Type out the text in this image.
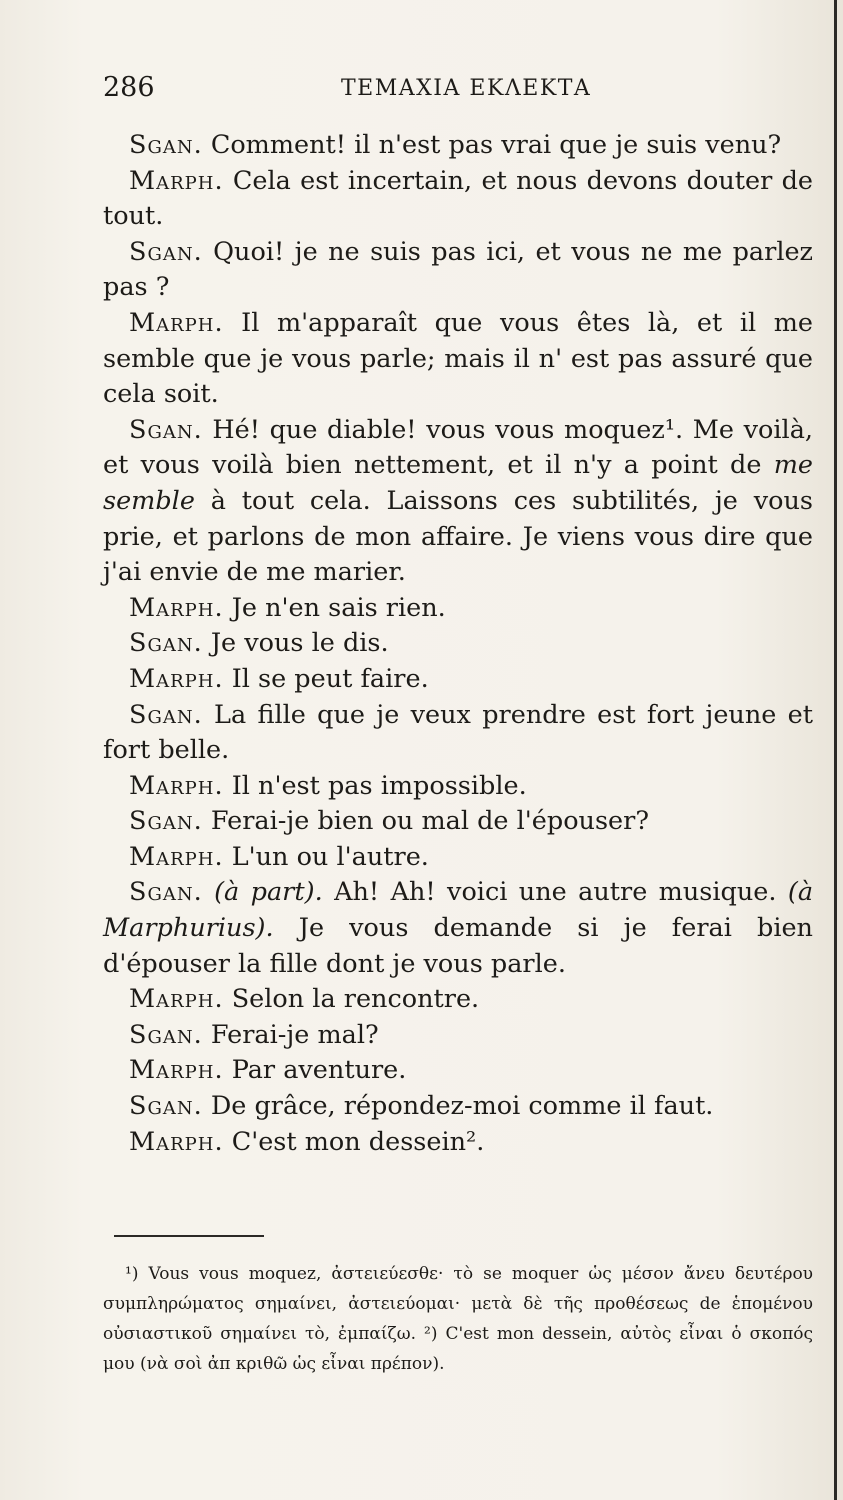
286	ΤΕΜΑΧΙΑ ΕΚΛΕΚΤΑ

Sgan. Comment! il n'est pas vrai que je suis venu?

Marph. Cela est incertain, et nous devons douter de tout.

Sgan. Quoi! je ne suis pas ici, et vous ne me parlez pas ?

Marph. Il m'apparaît que vous êtes là, et il me semble que je vous parle; mais il n' est pas assuré que cela soit.

Sgan. Hé! que diable! vous vous moquez¹. Me voilà, et vous voilà bien nettement, et il n'y a point de me semble à tout cela. Laissons ces subtilités, je vous prie, et parlons de mon affaire. Je viens vous dire que j'ai envie de me marier.

Marph. Je n'en sais rien.

Sgan. Je vous le dis.

Marph. Il se peut faire.

Sgan. La fille que je veux prendre est fort jeune et fort belle.

Marph. Il n'est pas impossible.

Sgan. Ferai-je bien ou mal de l'épouser?

Marph. L'un ou l'autre.

Sgan. (à part). Ah! Ah! voici une autre musique. (à Marphurius). Je vous demande si je ferai bien d'épouser la fille dont je vous parle.

Marph. Selon la rencontre.

Sgan. Ferai-je mal?

Marph. Par aventure.

Sgan. De grâce, répondez-moi comme il faut.

Marph. C'est mon dessein².

¹) Vous vous moquez, ἀστειεύεσθε· τὸ se moquer ὡς μέσον ἄνευ δευτέρου συμπληρώματος σημαίνει, ἀστειεύομαι· μετὰ δὲ τῆς προθέσεως de ἑπομένου οὐσιαστικοῦ σημαίνει τὸ, ἐμπαίζω. ²) C'est mon dessein, αὐτὸς εἶναι ὁ σκοπός μου (νὰ σοὶ ἀπ κριθῶ ὡς εἶναι πρέπον).
